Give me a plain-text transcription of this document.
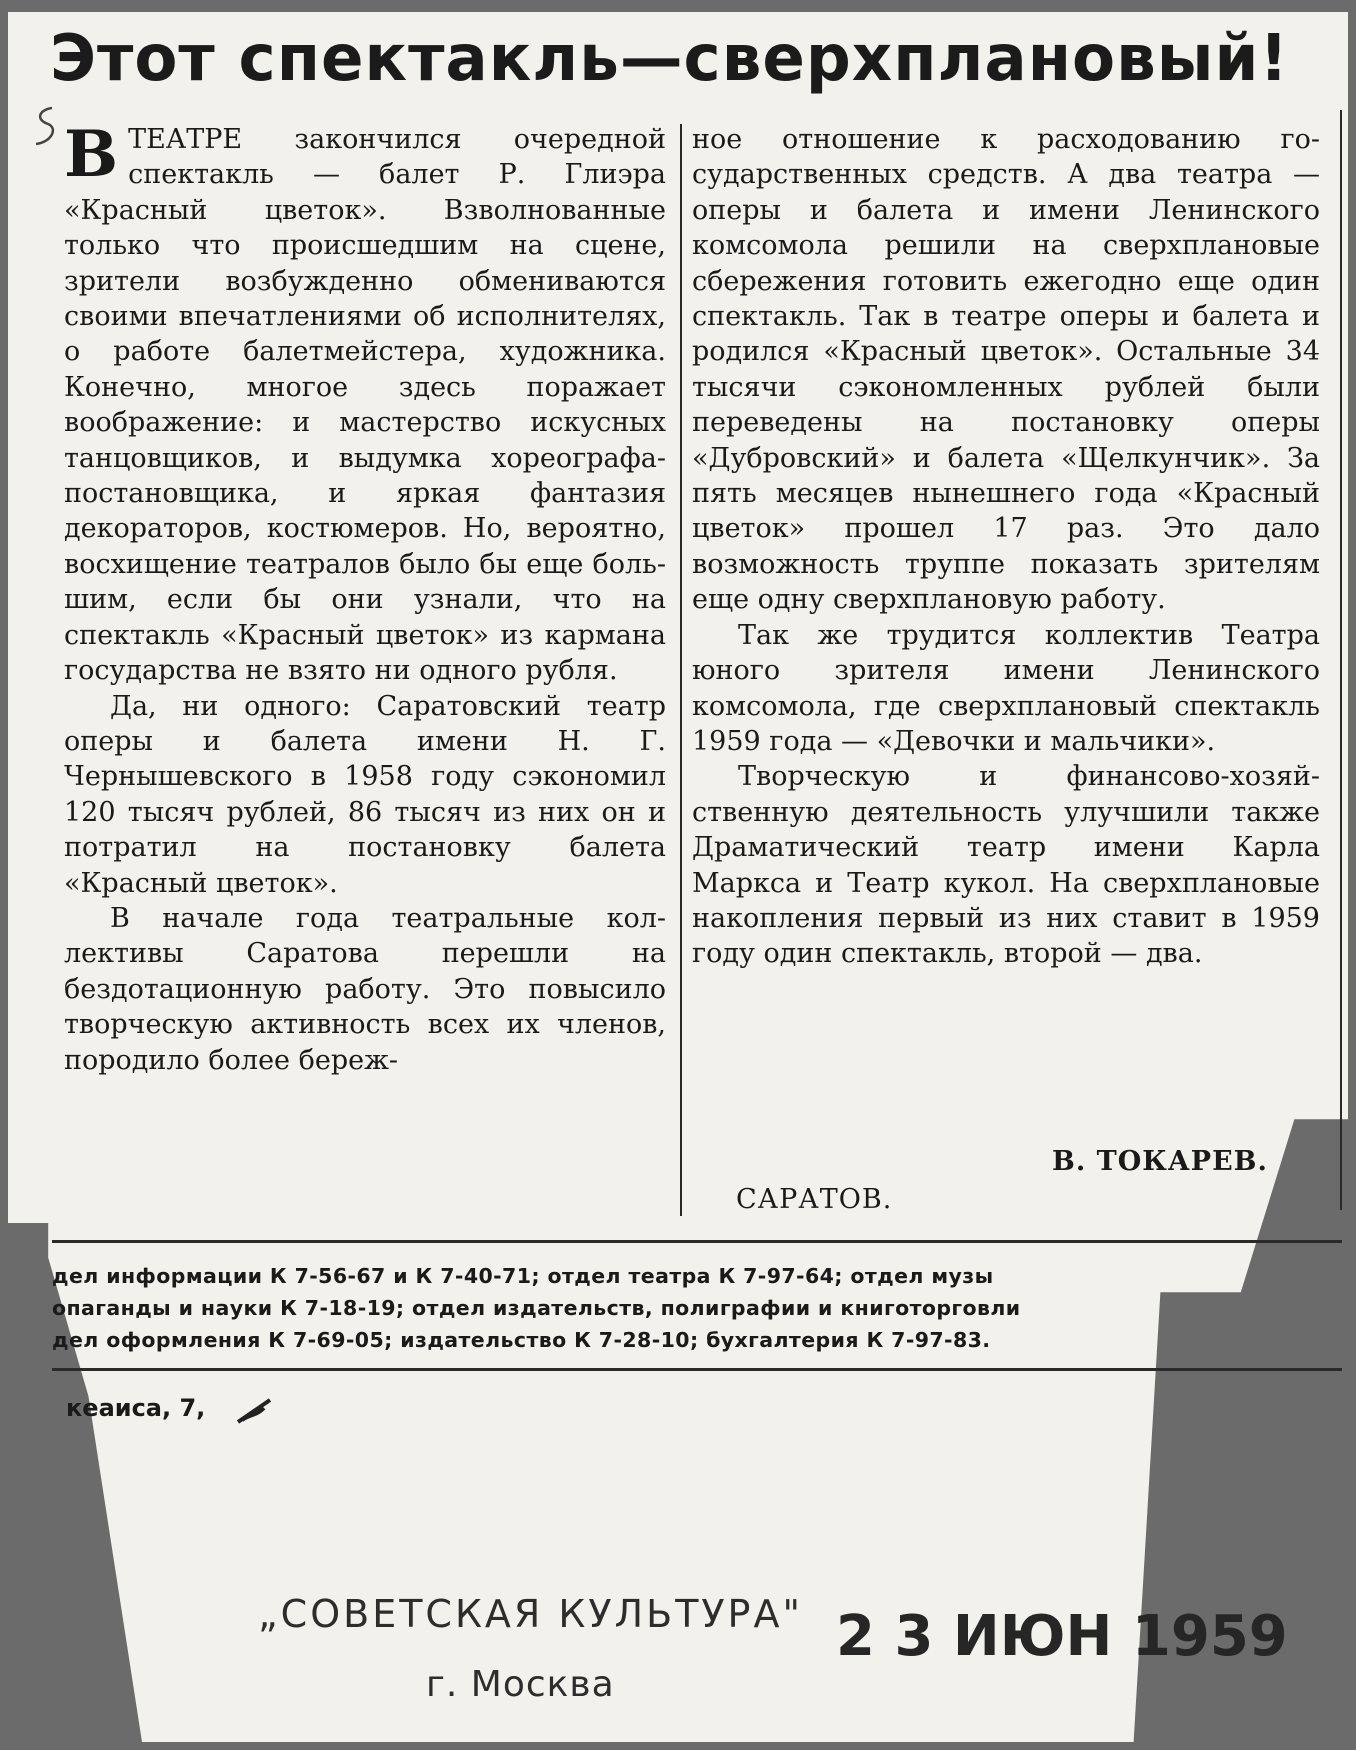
Этот спектакль—сверхплановый!

ВТЕАТРЕ закончился очередной спектакль — балет Р. Глиэра «Красный цветок». Взволнованные только что происшедшим на сцене, зрители возбужденно обмениваются своими впечатлениями об исполнителях, о работе балетмейстера, художника. Конечно, многое здесь поражает воображение: и мастерство искусных танцовщиков, и выдумка хореографа-постановщика, и яркая фантазия декораторов, костюмеров. Но, вероятно, восхищение театралов было бы еще большим, если бы они узнали, что на спектакль «Красный цветок» из кармана государства не взято ни одного рубля.

Да, ни одного: Саратовский театр оперы и балета имени Н. Г. Чернышевского в 1958 году сэкономил 120 тысяч рублей, 86 тысяч из них он и потратил на постановку балета «Красный цветок».

В начале года театральные коллективы Саратова перешли на бездотационную работу. Это повысило творческую активность всех их членов, породило более береж-

ное отношение к расходованию государственных средств. А два театра — оперы и балета и имени Ленинского комсомола решили на сверхплановые сбережения готовить ежегодно еще один спектакль. Так в театре оперы и балета и родился «Красный цветок». Остальные 34 тысячи сэкономленных рублей были переведены на постановку оперы «Дубровский» и балета «Щелкунчик». За пять месяцев нынешнего года «Красный цветок» прошел 17 раз. Это дало возможность труппе показать зрителям еще одну сверхплановую работу.

Так же трудится коллектив Театра юного зрителя имени Ленинского комсомола, где сверхплановый спектакль 1959 года — «Девочки и мальчики».

Творческую и финансово-хозяйственную деятельность улучшили также Драматический театр имени Карла Маркса и Театр кукол. На сверхплановые накопления первый из них ставит в 1959 году один спектакль, второй — два.

В. ТОКАРЕВ.
САРАТОВ.
дел информации К 7-56-67 и К 7-40-71; отдел театра К 7-97-64; отдел музы
опаганды и науки К 7-18-19; отдел издательств, полиграфии и книготорговли
дел оформления К 7-69-05; издательство К 7-28-10; бухгалтерия К 7-97-83.
кеаиса, 7,
„СОВЕТСКАЯ КУЛЬТУРА"
г. Москва
2 3 ИЮН 1959
